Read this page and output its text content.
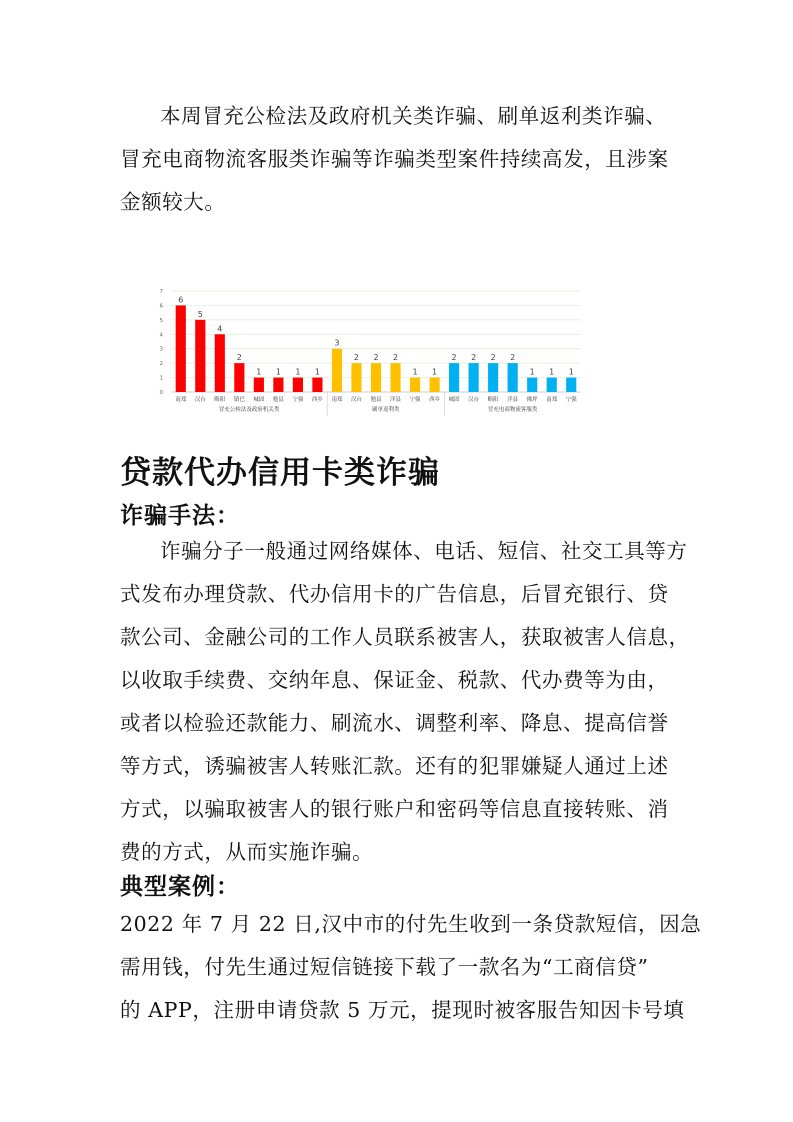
本周冒充公检法及政府机关类诈骗、刷单返利类诈骗、
冒充电商物流客服类诈骗等诈骗类型案件持续高发，且涉案
金额较大。
0
1
2
3
4
5
6
7
6
南郑
5
汉台
4
略阳
2
镇巴
1
城固
1
勉县
1
宁强
1
西乡
冒充公检法及政府机关类
3
南郑
2
汉台
2
勉县
2
洋县
1
宁强
1
西乡
刷单返利类
2
城固
2
汉台
2
略阳
2
洋县
1
佛坪
1
南郑
1
宁强
冒充电商物流客服类
贷款代办信用卡类诈骗
诈骗手法：
诈骗分子一般通过网络媒体、电话、短信、社交工具等方
式发布办理贷款、代办信用卡的广告信息，后冒充银行、贷
款公司、金融公司的工作人员联系被害人，获取被害人信息，
以收取手续费、交纳年息、保证金、税款、代办费等为由，
或者以检验还款能力、刷流水、调整利率、降息、提高信誉
等方式，诱骗被害人转账汇款。还有的犯罪嫌疑人通过上述
方式，以骗取被害人的银行账户和密码等信息直接转账、消
费的方式，从而实施诈骗。
典型案例：
2022 年 7 月 22 日,汉中市的付先生收到一条贷款短信，因急
需用钱，付先生通过短信链接下载了一款名为“工商信贷”
的 APP，注册申请贷款 5 万元，提现时被客服告知因卡号填
